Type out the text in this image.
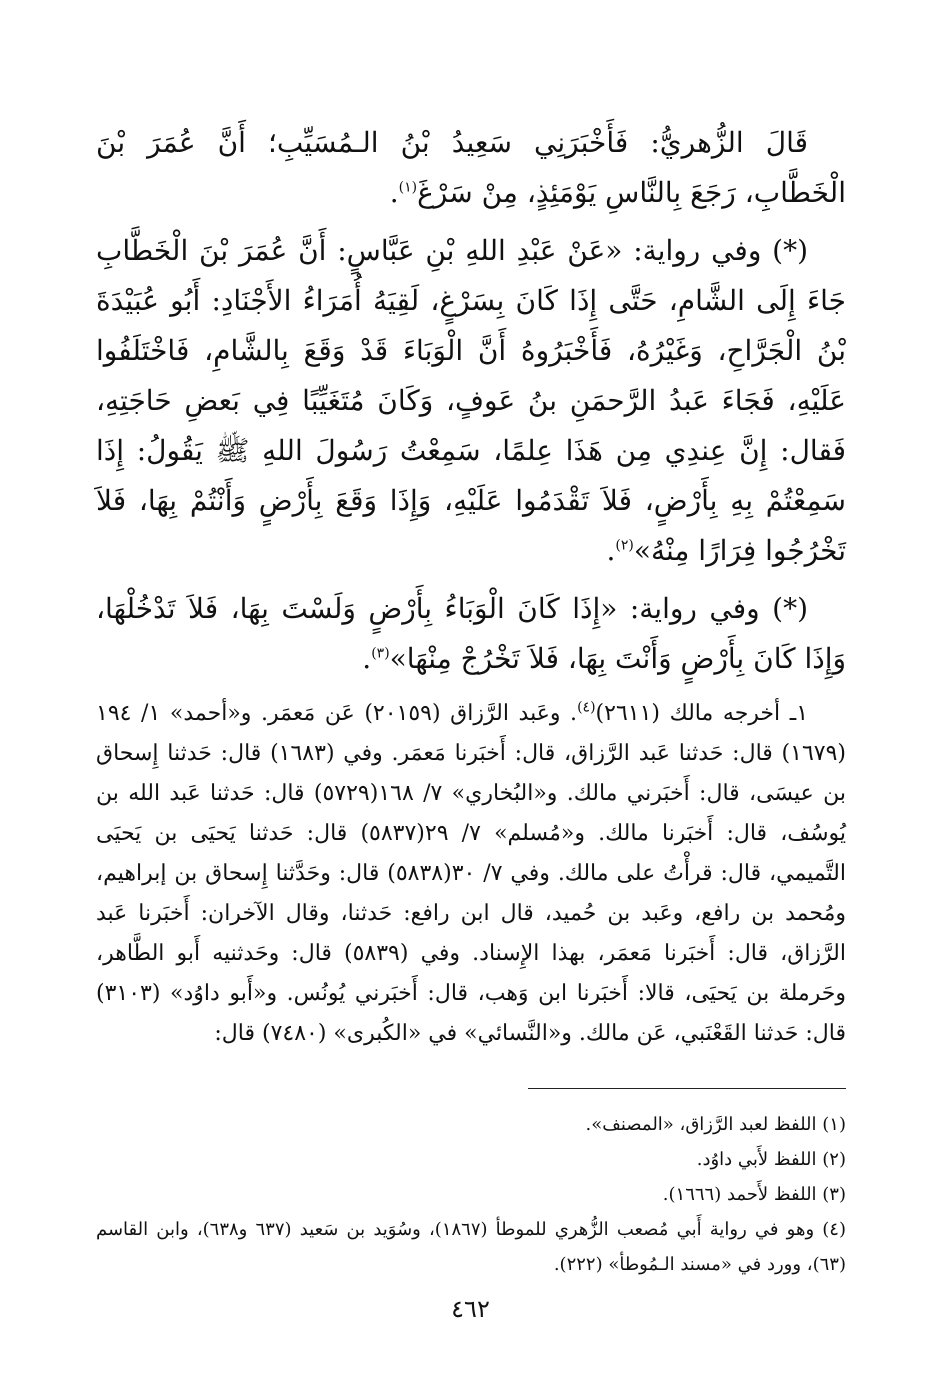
قَالَ الزُّهريُّ: فَأَخْبَرَنِي سَعِيدُ بْنُ الـمُسَيِّبِ؛ أَنَّ عُمَرَ بْنَ الْخَطَّابِ، رَجَعَ بِالنَّاسِ يَوْمَئِذٍ، مِنْ سَرْغَ$^{(١)}$.

(*) وفي رواية: «عَنْ عَبْدِ اللهِ بْنِ عَبَّاسٍ: أَنَّ عُمَرَ بْنَ الْخَطَّابِ جَاءَ إِلَى الشَّامِ، حَتَّى إِذَا كَانَ بِسَرْغٍ، لَقِيَهُ أُمَرَاءُ الأَجْنَادِ: أَبُو عُبَيْدَةَ بْنُ الْجَرَّاحِ، وَغَيْرُهُ، فَأَخْبَرُوهُ أَنَّ الْوَبَاءَ قَدْ وَقَعَ بِالشَّامِ، فَاخْتَلَفُوا عَلَيْهِ، فَجَاءَ عَبدُ الرَّحمَنِ بنُ عَوفٍ، وَكَانَ مُتَغَيِّبًا فِي بَعضِ حَاجَتِهِ، فَقال: إِنَّ عِندِي مِن هَذَا عِلمًا، سَمِعْتُ رَسُولَ اللهِ ﷺ يَقُولُ: إِذَا سَمِعْتُمْ بِهِ بِأَرْضٍ، فَلاَ تَقْدَمُوا عَلَيْهِ، وَإِذَا وَقَعَ بِأَرْضٍ وَأَنْتُمْ بِهَا، فَلاَ تَخْرُجُوا فِرَارًا مِنْهُ»$^{(٢)}$.

(*) وفي رواية: «إِذَا كَانَ الْوَبَاءُ بِأَرْضٍ وَلَسْتَ بِهَا، فَلاَ تَدْخُلْهَا، وَإِذَا كَانَ بِأَرْضٍ وَأَنْتَ بِهَا، فَلاَ تَخْرُجْ مِنْهَا»$^{(٣)}$.

١ـ أخرجه مالك (٢٦١١)$^{(٤)}$. وعَبد الرَّزاق (٢٠١٥٩) عَن مَعمَر. و«أحمد» ١/ ١٩٤ (١٦٧٩) قال: حَدثنا عَبد الرَّزاق، قال: أَخبَرنا مَعمَر. وفي (١٦٨٣) قال: حَدثنا إِسحاق بن عيسَى، قال: أَخبَرني مالك. و«البُخاري» ٧/ ١٦٨(٥٧٢٩) قال: حَدثنا عَبد الله بن يُوسُف، قال: أَخبَرنا مالك. و«مُسلم» ٧/ ٢٩(٥٨٣٧) قال: حَدثنا يَحيَى بن يَحيَى التَّميمي، قال: قرأْتُ على مالك. وفي ٧/ ٣٠(٥٨٣٨) قال: وحَدَّثنا إِسحاق بن إبراهيم، ومُحمد بن رافع، وعَبد بن حُميد، قال ابن رافع: حَدثنا، وقال الآخران: أَخبَرنا عَبد الرَّزاق، قال: أَخبَرنا مَعمَر، بهذا الإِسناد. وفي (٥٨٣٩) قال: وحَدثنيه أَبو الطَّاهر، وحَرملة بن يَحيَى، قالا: أَخبَرنا ابن وَهب، قال: أَخبَرني يُونُس. و«أَبو داوُد» (٣١٠٣) قال: حَدثنا القَعْنَبي، عَن مالك. و«النَّسائي» في «الكُبرى» (٧٤٨٠) قال:

(١) اللفظ لعبد الرَّزاق، «المصنف».

(٢) اللفظ لأَبي داوُد.

(٣) اللفظ لأَحمد (١٦٦٦).

(٤) وهو في رواية أَبي مُصعب الزُّهري للموطأ (١٨٦٧)، وسُوَيد بن سَعيد (٦٣٧ و٦٣٨)، وابن القاسم (٦٣)، وورد في «مسند الـمُوطأ» (٢٢٢).

٤٦٢
